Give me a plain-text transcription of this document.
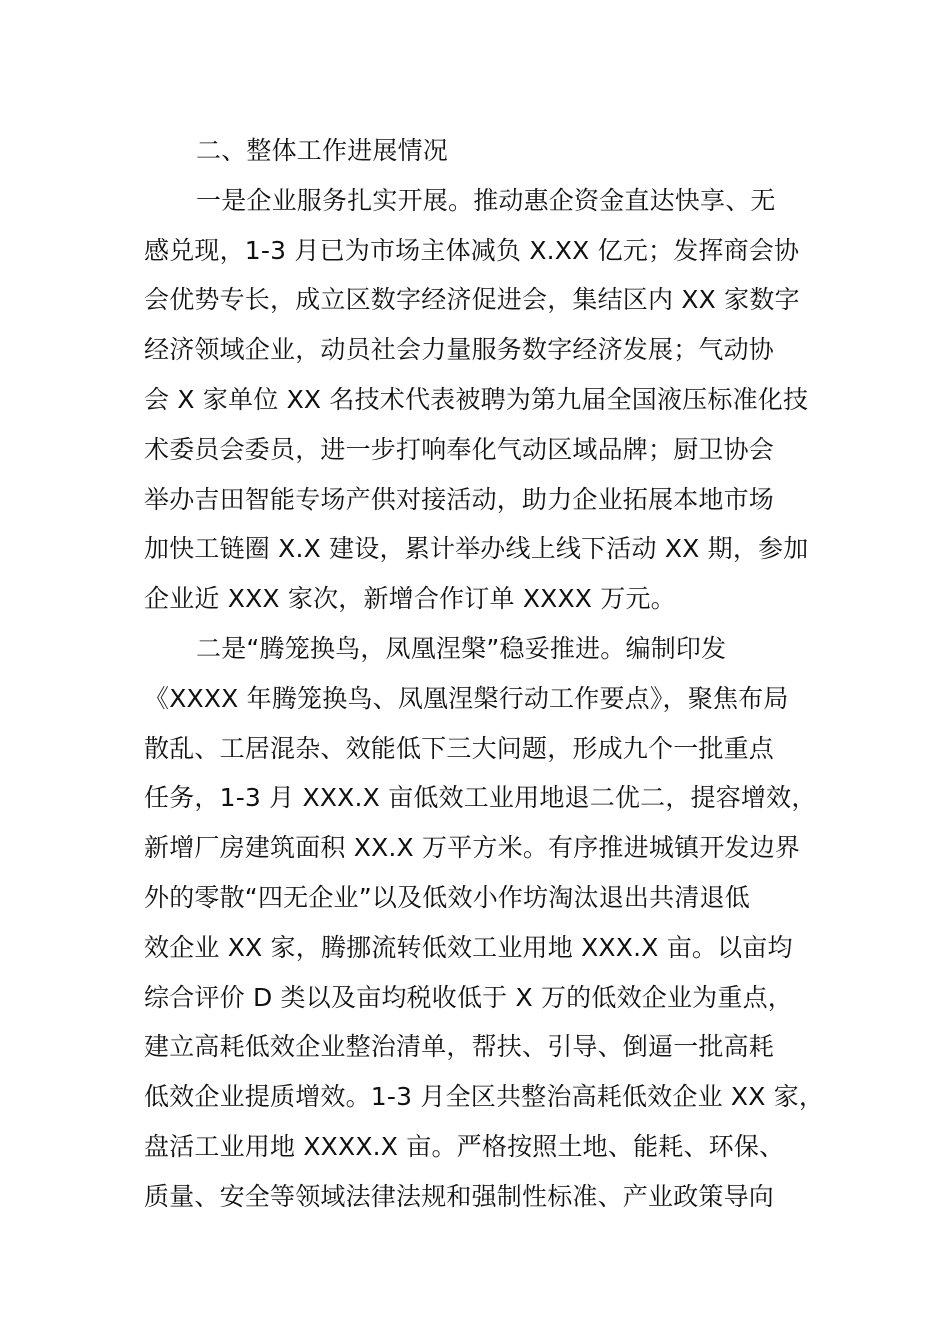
二、整体工作进展情况
一是企业服务扎实开展。推动惠企资金直达快享、无
感兑现，1-3 月已为市场主体减负 X.XX 亿元；发挥商会协
会优势专长，成立区数字经济促进会，集结区内 XX 家数字
经济领域企业，动员社会力量服务数字经济发展；气动协
会 X 家单位 XX 名技术代表被聘为第九届全国液压标准化技
术委员会委员，进一步打响奉化气动区域品牌；厨卫协会
举办吉田智能专场产供对接活动，助力企业拓展本地市场
加快工链圈 X.X 建设，累计举办线上线下活动 XX 期，参加
企业近 XXX 家次，新增合作订单 XXXX 万元。
二是“腾笼换鸟，凤凰涅槃”稳妥推进。编制印发
《XXXX 年腾笼换鸟、凤凰涅槃行动工作要点》，聚焦布局
散乱、工居混杂、效能低下三大问题，形成九个一批重点
任务，1-3 月 XXX.X 亩低效工业用地退二优二，提容增效，
新增厂房建筑面积 XX.X 万平方米。有序推进城镇开发边界
外的零散“四无企业”以及低效小作坊淘汰退出共清退低
效企业 XX 家，腾挪流转低效工业用地 XXX.X 亩。以亩均
综合评价 D 类以及亩均税收低于 X 万的低效企业为重点，
建立高耗低效企业整治清单，帮扶、引导、倒逼一批高耗
低效企业提质增效。1-3 月全区共整治高耗低效企业 XX 家，
盘活工业用地 XXXX.X 亩。严格按照土地、能耗、环保、
质量、安全等领域法律法规和强制性标准、产业政策导向
